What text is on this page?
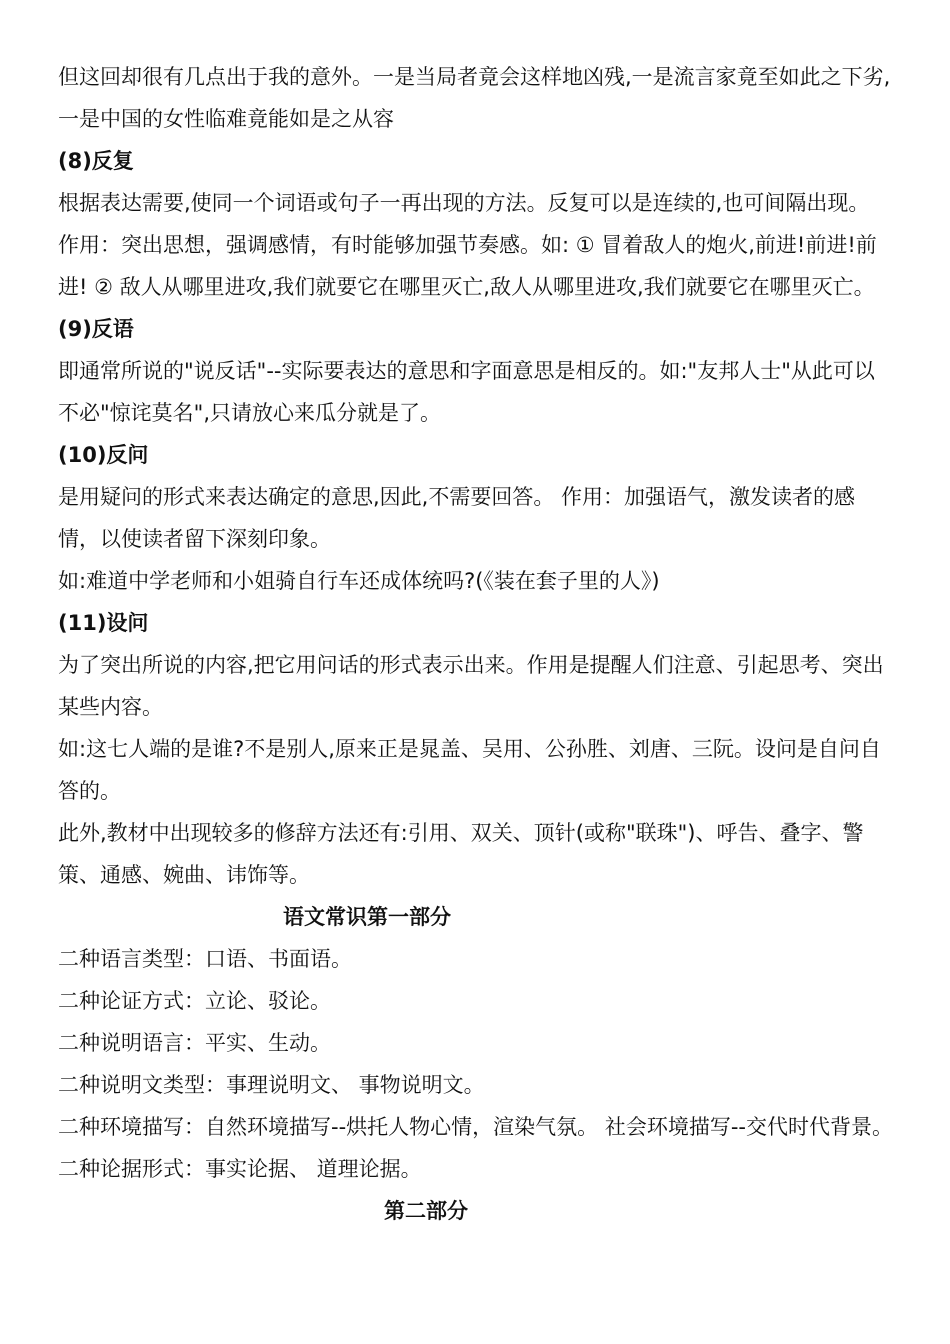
但这回却很有几点出于我的意外。一是当局者竟会这样地凶残,一是流言家竟至如此之下劣,一是中国的女性临难竟能如是之从容

(8)反复

根据表达需要,使同一个词语或句子一再出现的方法。反复可以是连续的,也可间隔出现。 作用：突出思想，强调感情，有时能够加强节奏感。如: ① 冒着敌人的炮火,前进!前进!前进! ② 敌人从哪里进攻,我们就要它在哪里灭亡,敌人从哪里进攻,我们就要它在哪里灭亡。

(9)反语

即通常所说的"说反话"--实际要表达的意思和字面意思是相反的。如:"友邦人士"从此可以不必"惊诧莫名",只请放心来瓜分就是了。

(10)反问

是用疑问的形式来表达确定的意思,因此,不需要回答。 作用：加强语气，激发读者的感情，以使读者留下深刻印象。

如:难道中学老师和小姐骑自行车还成体统吗?(《装在套子里的人》)

(11)设问

为了突出所说的内容,把它用问话的形式表示出来。作用是提醒人们注意、引起思考、突出某些内容。

如:这七人端的是谁?不是别人,原来正是晁盖、吴用、公孙胜、刘唐、三阮。设问是自问自答的。

此外,教材中出现较多的修辞方法还有:引用、双关、顶针(或称"联珠")、呼告、叠字、警策、通感、婉曲、讳饰等。

语文常识第一部分

二种语言类型：口语、书面语。

二种论证方式：立论、驳论。

二种说明语言：平实、生动。

二种说明文类型：事理说明文、 事物说明文。

二种环境描写：自然环境描写--烘托人物心情，渲染气氛。 社会环境描写--交代时代背景。

二种论据形式：事实论据、 道理论据。

第二部分
